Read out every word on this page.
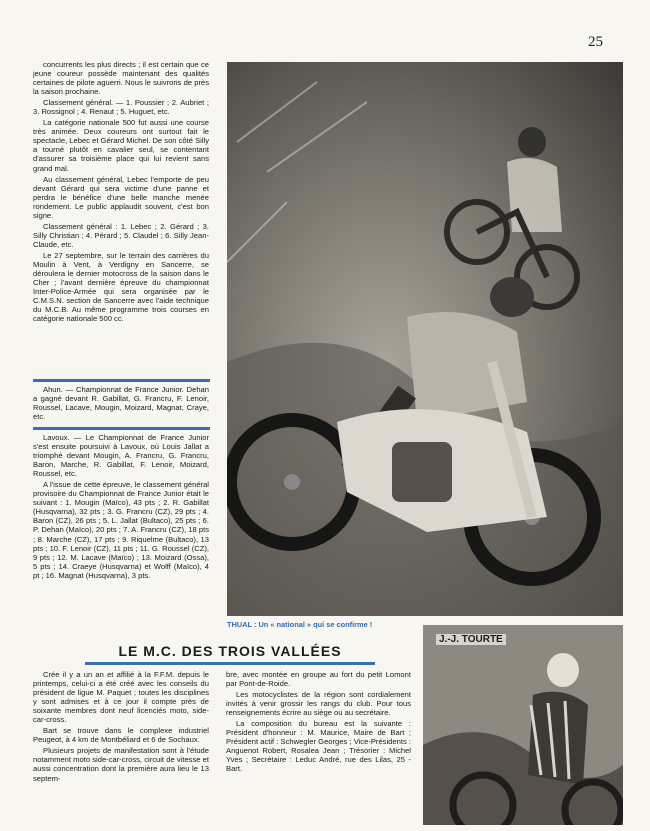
25

concurrents les plus directs ; il est certain que ce jeune coureur possède maintenant des qualités certaines de pilote aguerri. Nous le suivrons de près la saison prochaine.

Classement général. — 1. Poussier ; 2. Aubriet ; 3. Rossignol ; 4. Renaut ; 5. Huguet, etc.

La catégorie nationale 500 fut aussi une course très animée. Deux coureurs ont surtout fait le spectacle, Lebec et Gérard Michel. De son côté Silly a tourné plutôt en cavalier seul, se contentant d'assurer sa troisième place qui lui revient sans grand mal.

Au classement général, Lebec l'emporte de peu devant Gérard qui sera victime d'une panne et perdra le bénéfice d'une belle manche menée rondement. Le public applaudit souvent, c'est bon signe.

Classement général : 1. Lebec ; 2. Gérard ; 3. Silly Christian ; 4. Pérard ; 5. Claudel ; 6. Silly Jean-Claude, etc.

Le 27 septembre, sur le terrain des carrières du Moulin à Vent, à Verdigny en Sancerre, se déroulera le dernier motocross de la saison dans le Cher ; l'avant dernière épreuve du championnat Inter-Police-Armée qui sera organisée par le C.M.S.N. section de Sancerre avec l'aide technique du M.C.B. Au même programme trois courses en catégorie nationale 500 cc.

Ahun. — Championnat de France Junior. Dehan a gagné devant R. Gabillat, G. Francru, F. Lenoir, Roussel, Lacave, Mougin, Moizard, Magnat, Craye, etc.

Lavoux. — Le Championnat de France Junior s'est ensuite poursuivi à Lavoux, où Louis Jallat a triomphé devant Mougin, A. Francru, G. Francru, Baron, Marche, R. Gabillat, F. Lenoir, Moizard, Roussel, etc.

A l'issue de cette épreuve, le classement général provisoire du Championnat de France Junior était le suivant : 1. Mougin (Maïco), 43 pts ; 2. R. Gabillat (Husqvarna), 32 pts ; 3. G. Francru (CZ), 29 pts ; 4. Baron (CZ), 26 pts ; 5. L. Jallat (Bultaco), 25 pts ; 6. P. Dehan (Maïco), 20 pts ; 7. A. Francru (CZ), 18 pts ; 8. Marche (CZ), 17 pts ; 9. Riquelme (Bultaco), 13 pts ; 10. F. Lenoir (CZ), 11 pts ; 11. G. Roussel (CZ), 9 pts ; 12. M. Lacave (Maïco) ; 13. Moizard (Ossa), 5 pts ; 14. Craeye (Husqvarna) et Wolff (Maïco), 4 pt ; 16. Magnat (Husqvarna), 3 pts.

THUAL : Un « national » qui se confirme !
LE M.C. DES TROIS VALLÉES

Crée il y a un an et affilié à la F.F.M. depuis le printemps, celui-ci a été créé avec les conseils du président de ligue M. Paquet ; toutes les disciplines y sont admises et à ce jour il compte près de soixante membres dont neuf licenciés moto, side-car-cross.

Bart se trouve dans le complexe industriel Peugeot, à 4 km de Montbéliard et 6 de Sochaux.

Plusieurs projets de manifestation sont à l'étude notamment moto side-car-cross, circuit de vitesse et aussi concentration dont la première aura lieu le 13 septem-

bre, avec montée en groupe au fort du petit Lomont par Pont-de-Roide.

Les motocyclistes de la région sont cordialement invités à venir grossir les rangs du club. Pour tous renseignements écrire au siège ou au secrétaire.

La composition du bureau est la suivante : Président d'honneur : M. Maurice, Maire de Bart ; Président actif : Schwegler Georges ; Vice-Présidents : Anguenot Robert, Rosalea Jean ; Trésorier : Michel Yves ; Secrétaire : Leduc André, rue des Lilas, 25 - Bart.

J.-J. TOURTE
